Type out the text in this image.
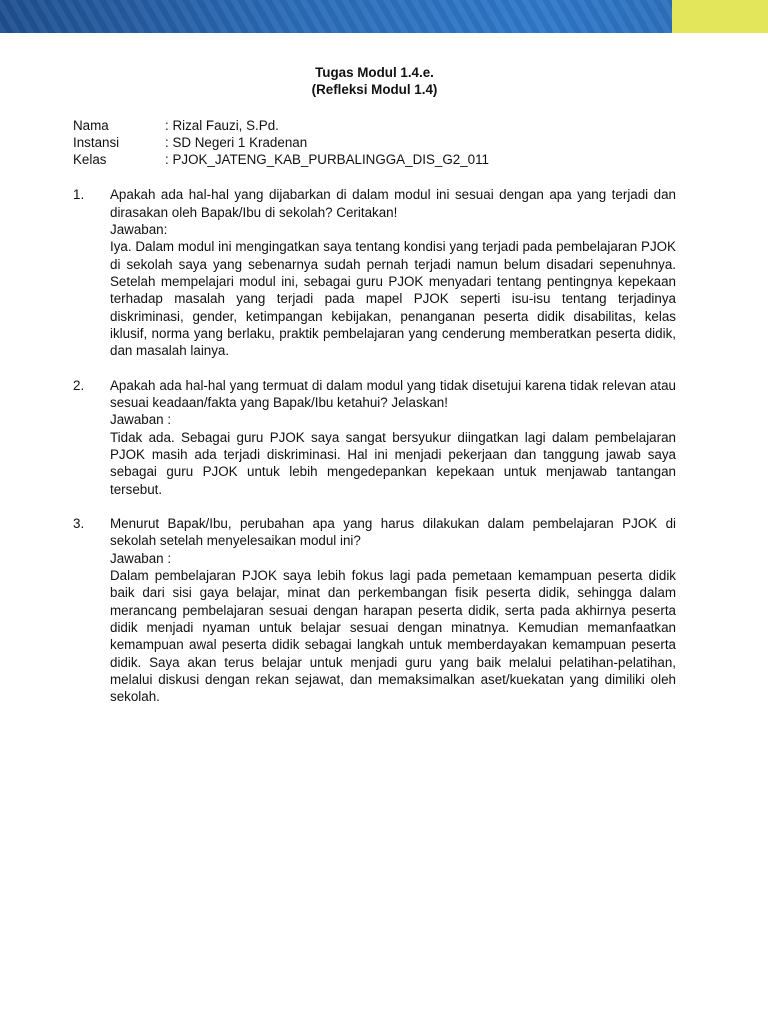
Tugas Modul 1.4.e.

(Refleksi Modul 1.4)

Nama	: Rizal Fauzi, S.Pd.
Instansi	: SD Negeri 1 Kradenan
Kelas	: PJOK_JATENG_KAB_PURBALINGGA_DIS_G2_011
1.	Apakah ada hal-hal yang dijabarkan di dalam modul ini sesuai dengan apa yang terjadi dan dirasakan oleh Bapak/Ibu di sekolah? Ceritakan!

Jawaban:

Iya. Dalam modul ini mengingatkan saya tentang kondisi yang terjadi pada pembelajaran PJOK di sekolah saya yang sebenarnya sudah pernah terjadi namun belum disadari sepenuhnya. Setelah mempelajari modul ini, sebagai guru PJOK menyadari tentang pentingnya kepekaan terhadap masalah yang terjadi pada mapel PJOK seperti isu-isu tentang terjadinya diskriminasi, gender, ketimpangan kebijakan, penanganan peserta didik disabilitas, kelas iklusif, norma yang berlaku, praktik pembelajaran yang cenderung memberatkan peserta didik, dan masalah lainya.

2.	Apakah ada hal-hal yang termuat di dalam modul yang tidak disetujui karena tidak relevan atau sesuai keadaan/fakta yang Bapak/Ibu ketahui? Jelaskan!

Jawaban :

Tidak ada. Sebagai guru PJOK saya sangat bersyukur diingatkan lagi dalam pembelajaran PJOK masih ada terjadi diskriminasi. Hal ini menjadi pekerjaan dan tanggung jawab saya sebagai guru PJOK untuk lebih mengedepankan kepekaan untuk menjawab tantangan tersebut.

3.	Menurut Bapak/Ibu, perubahan apa yang harus dilakukan dalam pembelajaran PJOK di sekolah setelah menyelesaikan modul ini?

Jawaban :

Dalam pembelajaran PJOK saya lebih fokus lagi pada pemetaan kemampuan peserta didik baik dari sisi gaya belajar, minat dan perkembangan fisik peserta didik, sehingga dalam merancang pembelajaran sesuai dengan harapan peserta didik, serta pada akhirnya peserta didik menjadi nyaman untuk belajar sesuai dengan minatnya. Kemudian memanfaatkan kemampuan awal peserta didik sebagai langkah untuk memberdayakan kemampuan peserta didik. Saya akan terus belajar untuk menjadi guru yang baik melalui pelatihan-pelatihan, melalui diskusi dengan rekan sejawat, dan memaksimalkan aset/kuekatan yang dimiliki oleh sekolah.
